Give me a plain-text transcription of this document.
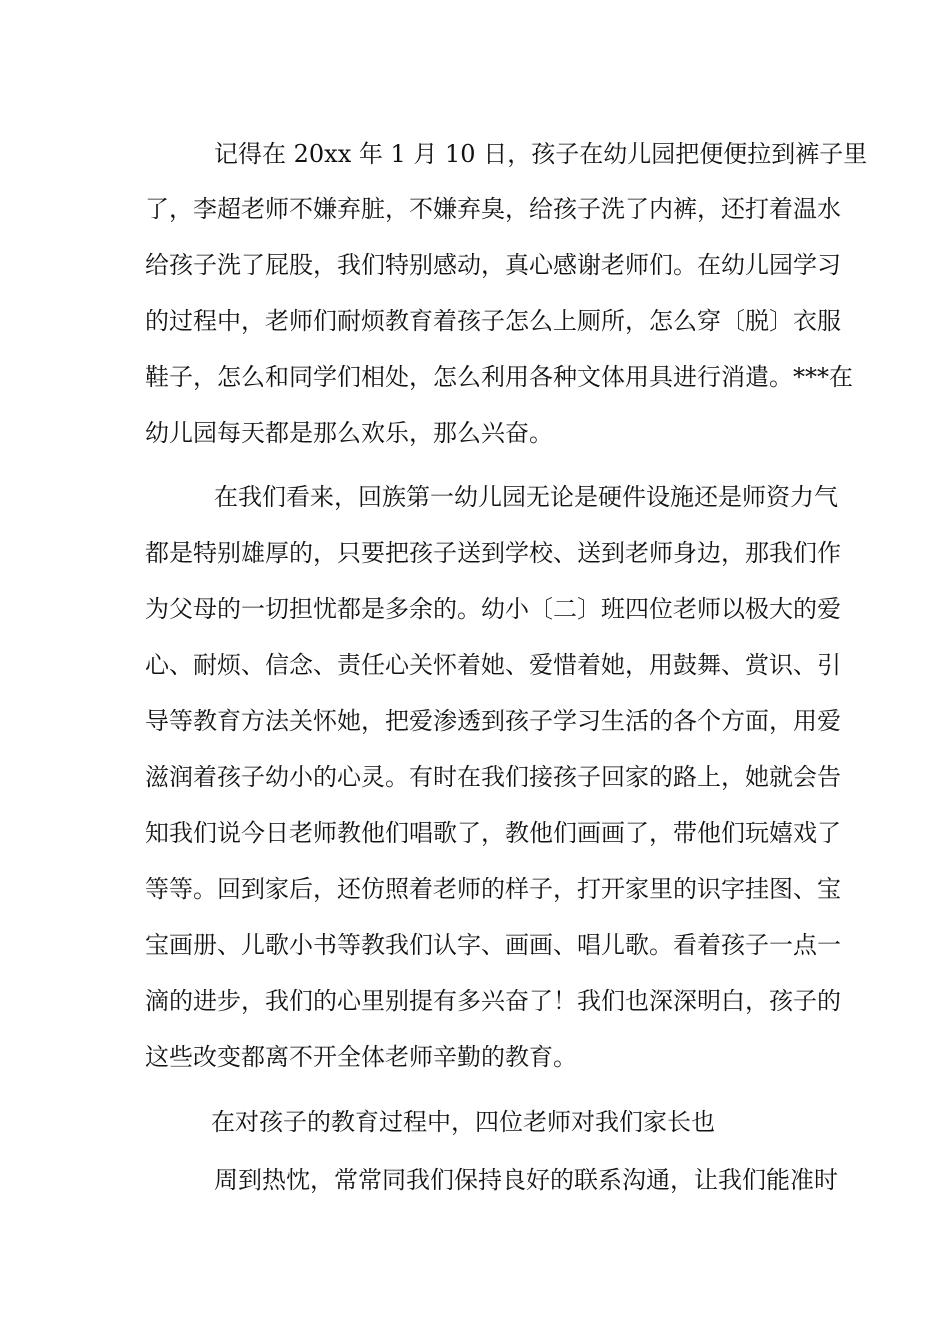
记得在 20xx 年 1 月 10 日，孩子在幼儿园把便便拉到裤子里
了，李超老师不嫌弃脏，不嫌弃臭，给孩子洗了内裤，还打着温水
给孩子洗了屁股，我们特别感动，真心感谢老师们。在幼儿园学习
的过程中，老师们耐烦教育着孩子怎么上厕所，怎么穿〔脱〕衣服
鞋子，怎么和同学们相处，怎么利用各种文体用具进行消遣。***在
幼儿园每天都是那么欢乐，那么兴奋。
在我们看来，回族第一幼儿园无论是硬件设施还是师资力气
都是特别雄厚的，只要把孩子送到学校、送到老师身边，那我们作
为父母的一切担忧都是多余的。幼小〔二〕班四位老师以极大的爱
心、耐烦、信念、责任心关怀着她、爱惜着她，用鼓舞、赏识、引
导等教育方法关怀她，把爱渗透到孩子学习生活的各个方面，用爱
滋润着孩子幼小的心灵。有时在我们接孩子回家的路上，她就会告
知我们说今日老师教他们唱歌了，教他们画画了，带他们玩嬉戏了
等等。回到家后，还仿照着老师的样子，打开家里的识字挂图、宝
宝画册、儿歌小书等教我们认字、画画、唱儿歌。看着孩子一点一
滴的进步，我们的心里别提有多兴奋了！我们也深深明白，孩子的
这些改变都离不开全体老师辛勤的教育。
在对孩子的教育过程中，四位老师对我们家长也
周到热忱，常常同我们保持良好的联系沟通，让我们能准时
